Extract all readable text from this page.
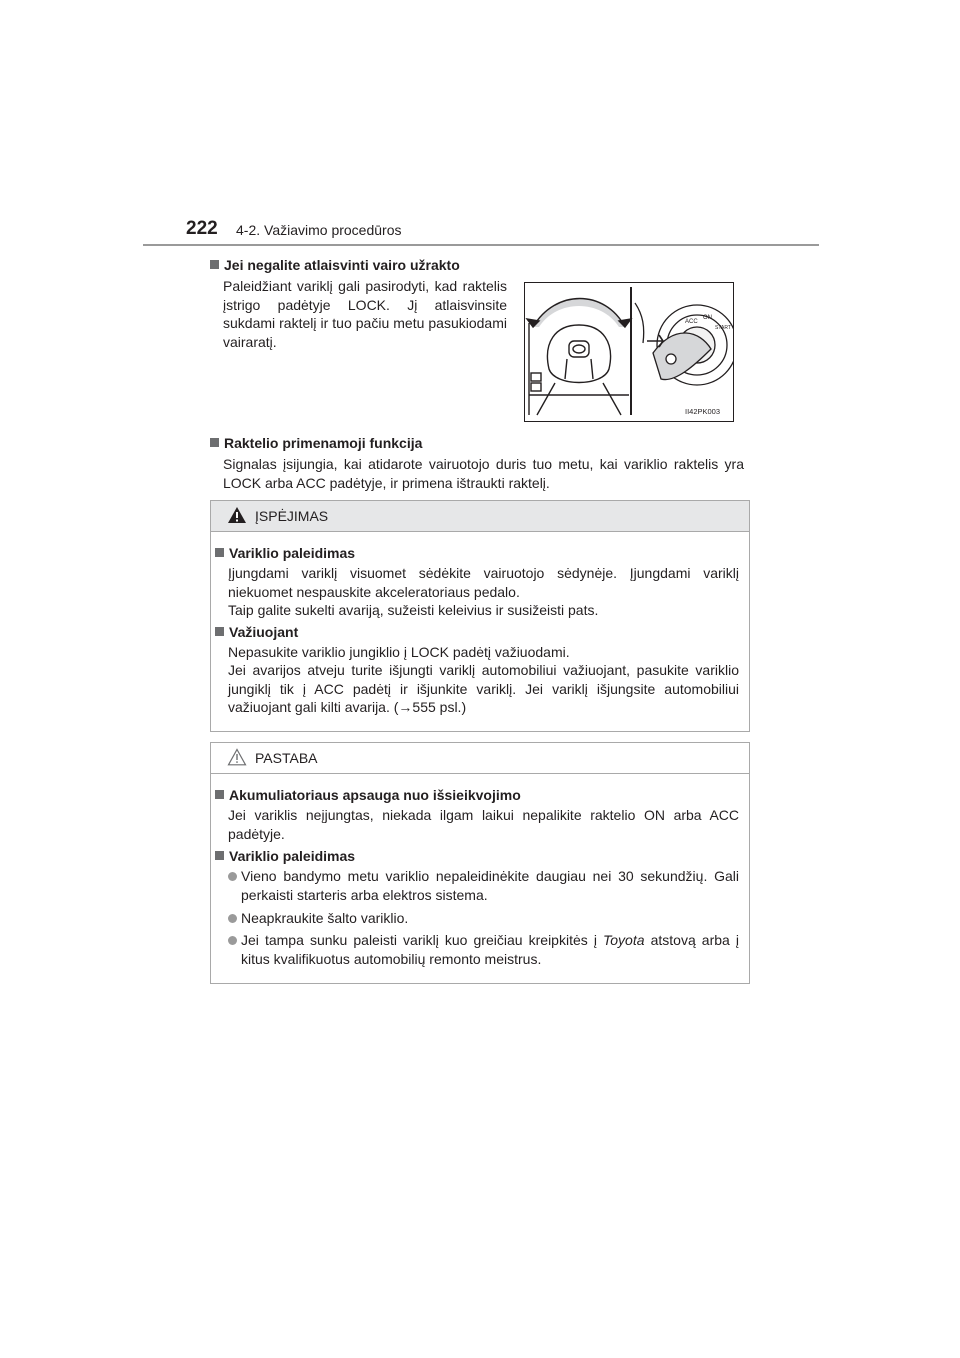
222 4-2. Važiavimo procedūros
Jei negalite atlaisvinti vairo užrakto
Paleidžiant variklį gali pasirodyti, kad raktelis įstrigo padėtyje LOCK. Jį atlaisvinsite sukdami raktelį ir tuo pačiu metu pasukiodami vairaratį.
ACC
ON
START
II42PK003
Raktelio primenamoji funkcija
Signalas įsijungia, kai atidarote vairuotojo duris tuo metu, kai variklio raktelis yra LOCK arba ACC padėtyje, ir primena ištraukti raktelį.
ĮSPĖJIMAS
Variklio paleidimas
Įjungdami variklį visuomet sėdėkite vairuotojo sėdynėje. Įjungdami variklį niekuomet nespauskite akceleratoriaus pedalo.
Taip galite sukelti avariją, sužeisti keleivius ir susižeisti pats.
Važiuojant
Nepasukite variklio jungiklio į LOCK padėtį važiuodami.
Jei avarijos atveju turite išjungti variklį automobiliui važiuojant, pasukite variklio jungiklį tik į ACC padėtį ir išjunkite variklį. Jei variklį išjungsite automobiliui važiuojant gali kilti avarija. (→555 psl.)
PASTABA
Akumuliatoriaus apsauga nuo išsieikvojimo
Jei variklis neįjungtas, niekada ilgam laikui nepalikite raktelio ON arba ACC padėtyje.
Variklio paleidimas
Vieno bandymo metu variklio nepaleidinėkite daugiau nei 30 sekundžių. Gali perkaisti starteris arba elektros sistema.
Neapkraukite šalto variklio.
Jei tampa sunku paleisti variklį kuo greičiau kreipkitės į Toyota atstovą arba į kitus kvalifikuotus automobilių remonto meistrus.
